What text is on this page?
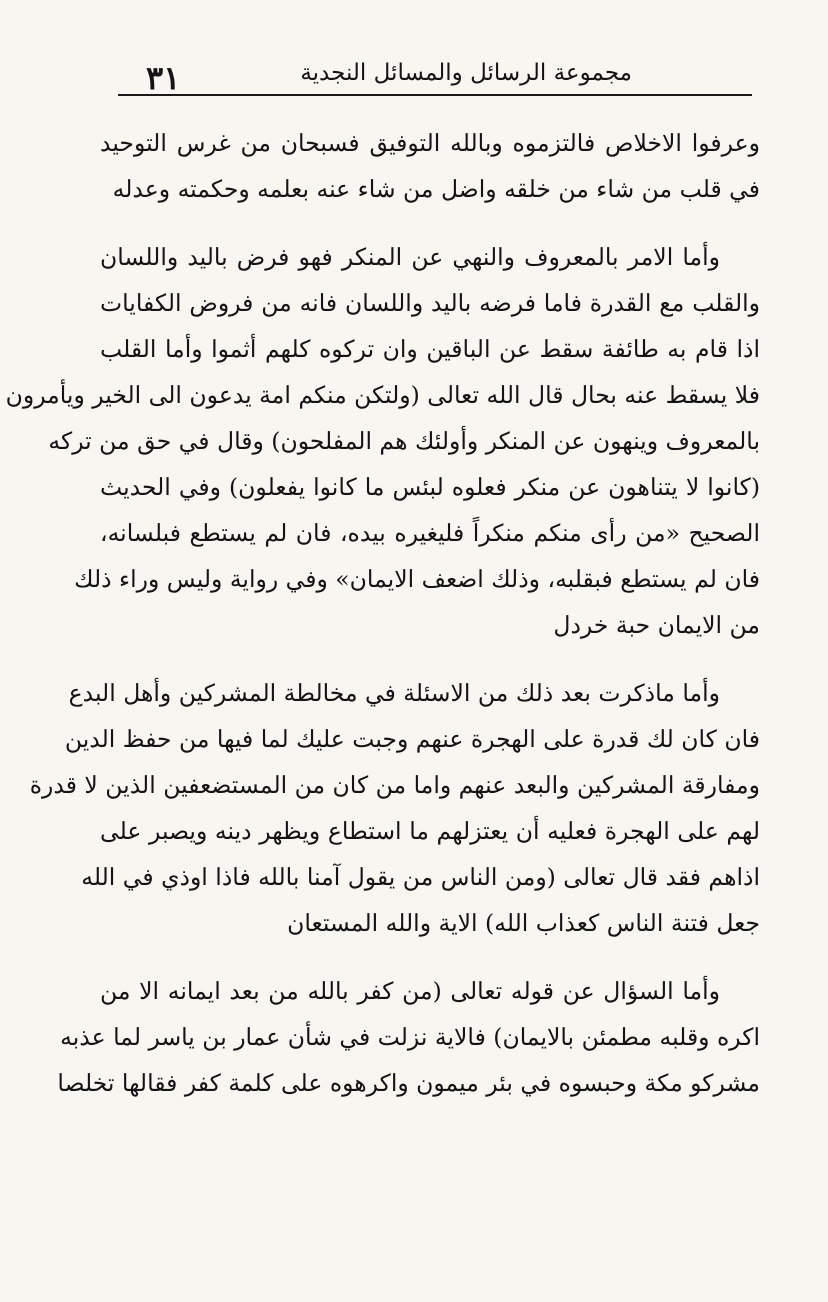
٣١	مجموعة الرسائل والمسائل النجدية
وعرفوا الاخلاص فالتزموه وبالله التوفيق فسبحان من غرس التوحيد
في قلب من شاء من خلقه واضل من شاء عنه بعلمه وحكمته وعدله
وأما الامر بالمعروف والنهي عن المنكر فهو فرض باليد واللسان
والقلب مع القدرة فاما فرضه باليد واللسان فانه من فروض الكفايات
اذا قام به طائفة سقط عن الباقين وان تركوه كلهم أثموا وأما القلب
فلا يسقط عنه بحال قال الله تعالى (ولتكن منكم امة يدعون الى الخير ويأمرون
بالمعروف وينهون عن المنكر وأولئك هم المفلحون) وقال في حق من تركه
(كانوا لا يتناهون عن منكر فعلوه لبئس ما كانوا يفعلون) وفي الحديث
الصحيح «من رأى منكم منكراً فليغيره بيده، فان لم يستطع فبلسانه،
فان لم يستطع فبقلبه، وذلك اضعف الايمان» وفي رواية وليس وراء ذلك
من الايمان حبة خردل
وأما ماذكرت بعد ذلك من الاسئلة في مخالطة المشركين وأهل البدع
فان كان لك قدرة على الهجرة عنهم وجبت عليك لما فيها من حفظ الدين
ومفارقة المشركين والبعد عنهم واما من كان من المستضعفين الذين لا قدرة
لهم على الهجرة فعليه أن يعتزلهم ما استطاع ويظهر دينه ويصبر على
اذاهم فقد قال تعالى (ومن الناس من يقول آمنا بالله فاذا اوذي في الله
جعل فتنة الناس كعذاب الله) الاية والله المستعان
وأما السؤال عن قوله تعالى (من كفر بالله من بعد ايمانه الا من
اكره وقلبه مطمئن بالايمان) فالاية نزلت في شأن عمار بن ياسر لما عذبه
مشركو مكة وحبسوه في بئر ميمون واكرهوه على كلمة كفر فقالها تخلصا
